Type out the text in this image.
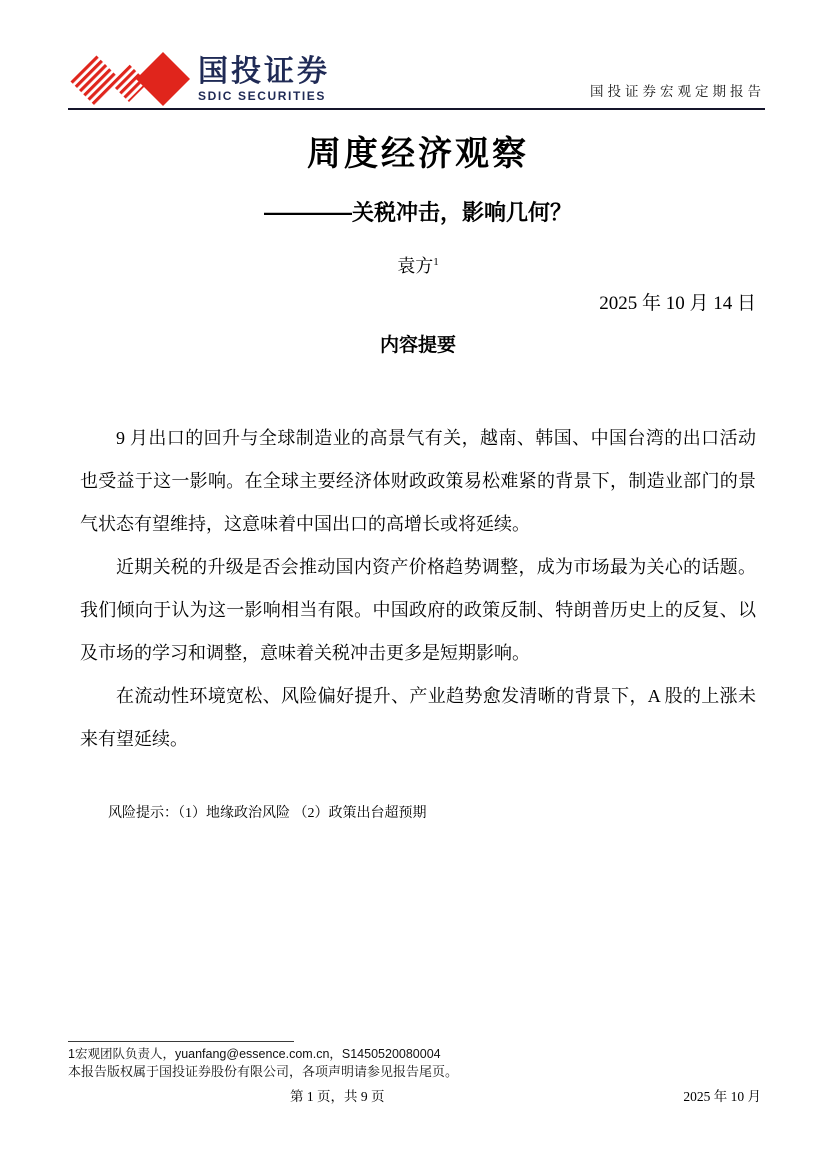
国投证券
SDIC SECURITIES	国投证券宏观定期报告
周度经济观察
————关税冲击，影响几何？
袁方$^1$
2025 年 10 月 14 日
内容提要

9 月出口的回升与全球制造业的高景气有关，越南、韩国、中国台湾的出口活动也受益于这一影响。在全球主要经济体财政政策易松难紧的背景下，制造业部门的景气状态有望维持，这意味着中国出口的高增长或将延续。

近期关税的升级是否会推动国内资产价格趋势调整，成为市场最为关心的话题。我们倾向于认为这一影响相当有限。中国政府的政策反制、特朗普历史上的反复、以及市场的学习和调整，意味着关税冲击更多是短期影响。

在流动性环境宽松、风险偏好提升、产业趋势愈发清晰的背景下，A 股的上涨未来有望延续。

风险提示：（1）地缘政治风险 （2）政策出台超预期

1宏观团队负责人，yuanfang@essence.com.cn，S1450520080004
本报告版权属于国投证券股份有限公司，各项声明请参见报告尾页。
第 1 页，共 9 页	2025 年 10 月
